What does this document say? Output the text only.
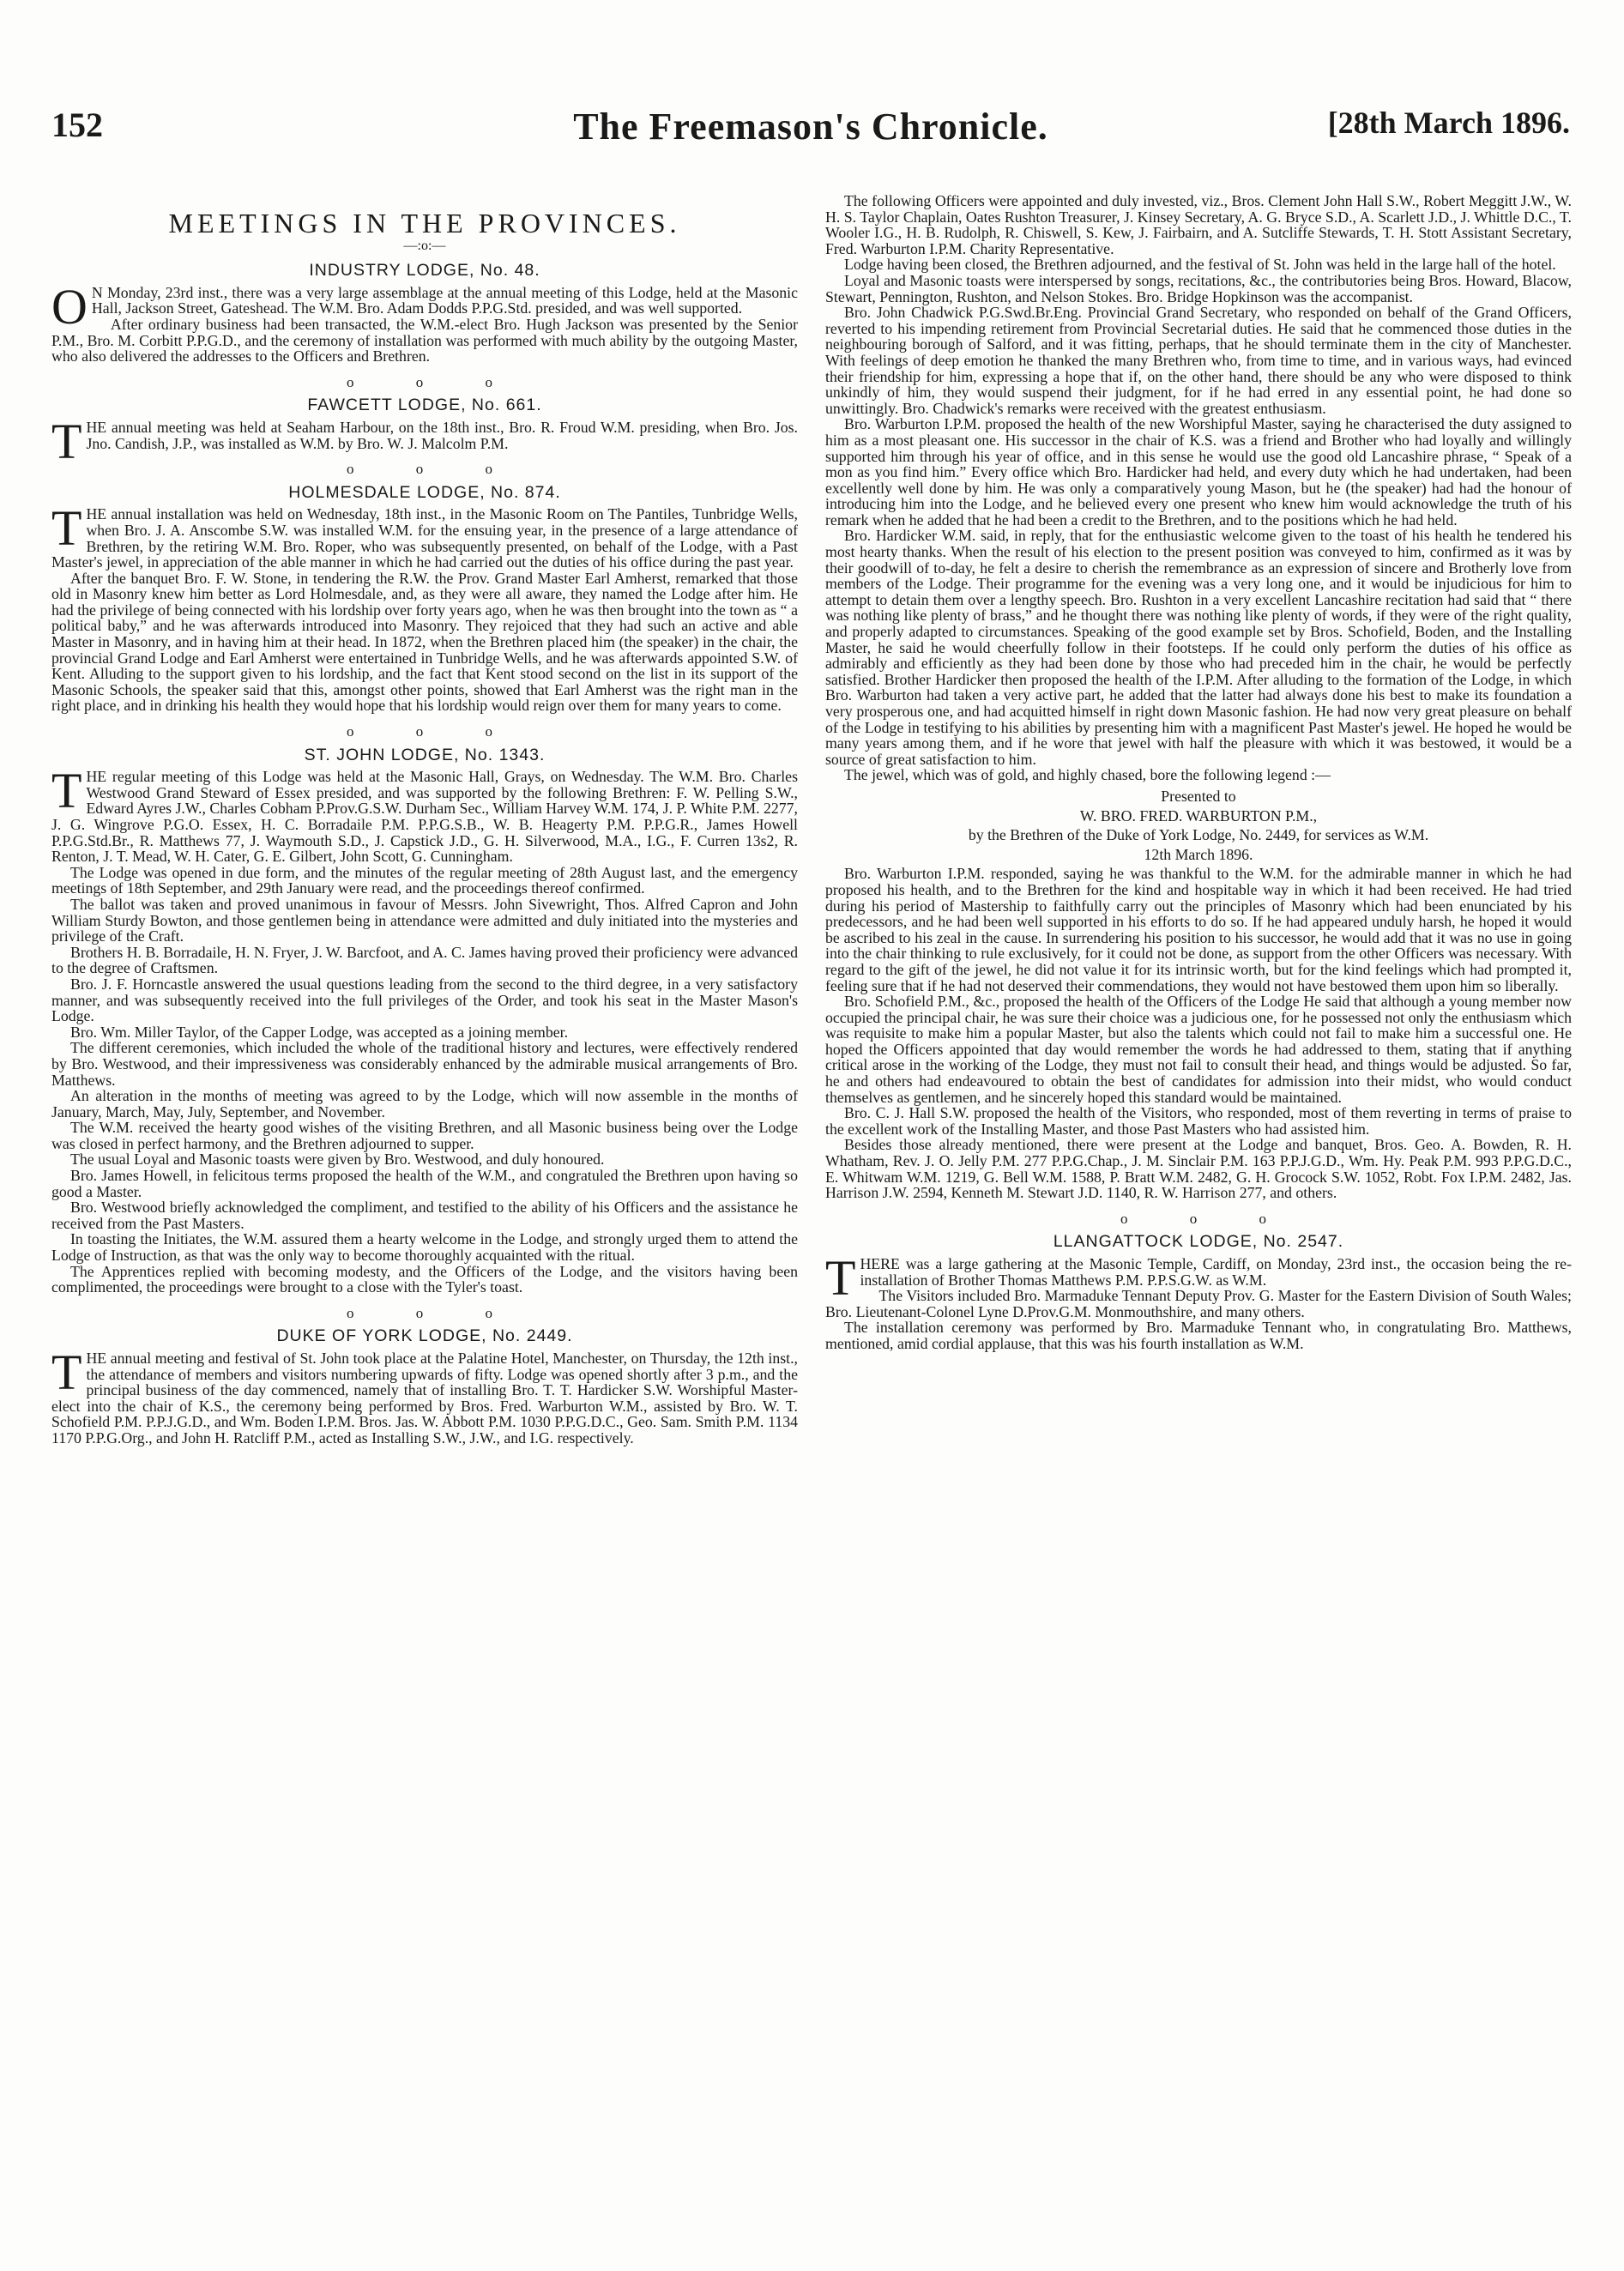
152	The Freemason's Chronicle.	[28th March 1896.
MEETINGS IN THE PROVINCES.
—:o:—
INDUSTRY LODGE, No. 48.

O N Monday, 23rd inst., there was a very large assemblage at the annual meeting of this Lodge, held at the Masonic Hall, Jackson Street, Gateshead. The W.M. Bro. Adam Dodds P.P.G.Std. presided, and was well supported.

After ordinary business had been transacted, the W.M.-elect Bro. Hugh Jackson was presented by the Senior P.M., Bro. M. Corbitt P.P.G.D., and the ceremony of installation was performed with much ability by the outgoing Master, who also delivered the addresses to the Officers and Brethren.

o o o
FAWCETT LODGE, No. 661.

THE annual meeting was held at Seaham Harbour, on the 18th inst., Bro. R. Froud W.M. presiding, when Bro. Jos. Jno. Candish, J.P., was installed as W.M. by Bro. W. J. Malcolm P.M.

o o o
HOLMESDALE LODGE, No. 874.

THE annual installation was held on Wednesday, 18th inst., in the Masonic Room on The Pantiles, Tunbridge Wells, when Bro. J. A. Anscombe S.W. was installed W.M. for the ensuing year, in the presence of a large attendance of Brethren, by the retiring W.M. Bro. Roper, who was subsequently presented, on behalf of the Lodge, with a Past Master's jewel, in appreciation of the able manner in which he had carried out the duties of his office during the past year.

After the banquet Bro. F. W. Stone, in tendering the R.W. the Prov. Grand Master Earl Amherst, remarked that those old in Masonry knew him better as Lord Holmesdale, and, as they were all aware, they named the Lodge after him. He had the privilege of being connected with his lordship over forty years ago, when he was then brought into the town as “ a political baby,” and he was afterwards introduced into Masonry. They rejoiced that they had such an active and able Master in Masonry, and in having him at their head. In 1872, when the Brethren placed him (the speaker) in the chair, the provincial Grand Lodge and Earl Amherst were entertained in Tunbridge Wells, and he was afterwards appointed S.W. of Kent. Alluding to the support given to his lordship, and the fact that Kent stood second on the list in its support of the Masonic Schools, the speaker said that this, amongst other points, showed that Earl Amherst was the right man in the right place, and in drinking his health they would hope that his lordship would reign over them for many years to come.

o o o
ST. JOHN LODGE, No. 1343.

THE regular meeting of this Lodge was held at the Masonic Hall, Grays, on Wednesday. The W.M. Bro. Charles Westwood Grand Steward of Essex presided, and was supported by the following Brethren: F. W. Pelling S.W., Edward Ayres J.W., Charles Cobham P.Prov.G.S.W. Durham Sec., William Harvey W.M. 174, J. P. White P.M. 2277, J. G. Wingrove P.G.O. Essex, H. C. Borradaile P.M. P.P.G.S.B., W. B. Heagerty P.M. P.P.G.R., James Howell P.P.G.Std.Br., R. Matthews 77, J. Waymouth S.D., J. Capstick J.D., G. H. Silverwood, M.A., I.G., F. Curren 13s2, R. Renton, J. T. Mead, W. H. Cater, G. E. Gilbert, John Scott, G. Cunningham.

The Lodge was opened in due form, and the minutes of the regular meeting of 28th August last, and the emergency meetings of 18th September, and 29th January were read, and the proceedings thereof confirmed.

The ballot was taken and proved unanimous in favour of Messrs. John Sivewright, Thos. Alfred Capron and John William Sturdy Bowton, and those gentlemen being in attendance were admitted and duly initiated into the mysteries and privilege of the Craft.

Brothers H. B. Borradaile, H. N. Fryer, J. W. Barcfoot, and A. C. James having proved their proficiency were advanced to the degree of Craftsmen.

Bro. J. F. Horncastle answered the usual questions leading from the second to the third degree, in a very satisfactory manner, and was subsequently received into the full privileges of the Order, and took his seat in the Master Mason's Lodge.

Bro. Wm. Miller Taylor, of the Capper Lodge, was accepted as a joining member.

The different ceremonies, which included the whole of the traditional history and lectures, were effectively rendered by Bro. Westwood, and their impressiveness was considerably enhanced by the admirable musical arrangements of Bro. Matthews.

An alteration in the months of meeting was agreed to by the Lodge, which will now assemble in the months of January, March, May, July, September, and November.

The W.M. received the hearty good wishes of the visiting Brethren, and all Masonic business being over the Lodge was closed in perfect harmony, and the Brethren adjourned to supper.

The usual Loyal and Masonic toasts were given by Bro. Westwood, and duly honoured.

Bro. James Howell, in felicitous terms proposed the health of the W.M., and congratuled the Brethren upon having so good a Master.

Bro. Westwood briefly acknowledged the compliment, and testified to the ability of his Officers and the assistance he received from the Past Masters.

In toasting the Initiates, the W.M. assured them a hearty welcome in the Lodge, and strongly urged them to attend the Lodge of Instruction, as that was the only way to become thoroughly acquainted with the ritual.

The Apprentices replied with becoming modesty, and the Officers of the Lodge, and the visitors having been complimented, the proceedings were brought to a close with the Tyler's toast.

o o o
DUKE OF YORK LODGE, No. 2449.

THE annual meeting and festival of St. John took place at the Palatine Hotel, Manchester, on Thursday, the 12th inst., the attendance of members and visitors numbering upwards of fifty. Lodge was opened shortly after 3 p.m., and the principal business of the day commenced, namely that of installing Bro. T. T. Hardicker S.W. Worshipful Master-elect into the chair of K.S., the ceremony being performed by Bros. Fred. Warburton W.M., assisted by Bro. W. T. Schofield P.M. P.P.J.G.D., and Wm. Boden I.P.M. Bros. Jas. W. Abbott P.M. 1030 P.P.G.D.C., Geo. Sam. Smith P.M. 1134 1170 P.P.G.Org., and John H. Ratcliff P.M., acted as Installing S.W., J.W., and I.G. respectively.

The following Officers were appointed and duly invested, viz., Bros. Clement John Hall S.W., Robert Meggitt J.W., W. H. S. Taylor Chaplain, Oates Rushton Treasurer, J. Kinsey Secretary, A. G. Bryce S.D., A. Scarlett J.D., J. Whittle D.C., T. Wooler I.G., H. B. Rudolph, R. Chiswell, S. Kew, J. Fairbairn, and A. Sutcliffe Stewards, T. H. Stott Assistant Secretary, Fred. Warburton I.P.M. Charity Representative.

Lodge having been closed, the Brethren adjourned, and the festival of St. John was held in the large hall of the hotel.

Loyal and Masonic toasts were interspersed by songs, recitations, &c., the contributories being Bros. Howard, Blacow, Stewart, Pennington, Rushton, and Nelson Stokes. Bro. Bridge Hopkinson was the accompanist.

Bro. John Chadwick P.G.Swd.Br.Eng. Provincial Grand Secretary, who responded on behalf of the Grand Officers, reverted to his impending retirement from Provincial Secretarial duties. He said that he commenced those duties in the neighbouring borough of Salford, and it was fitting, perhaps, that he should terminate them in the city of Manchester. With feelings of deep emotion he thanked the many Brethren who, from time to time, and in various ways, had evinced their friendship for him, expressing a hope that if, on the other hand, there should be any who were disposed to think unkindly of him, they would suspend their judgment, for if he had erred in any essential point, he had done so unwittingly. Bro. Chadwick's remarks were received with the greatest enthusiasm.

Bro. Warburton I.P.M. proposed the health of the new Worshipful Master, saying he characterised the duty assigned to him as a most pleasant one. His successor in the chair of K.S. was a friend and Brother who had loyally and willingly supported him through his year of office, and in this sense he would use the good old Lancashire phrase, “ Speak of a mon as you find him.” Every office which Bro. Hardicker had held, and every duty which he had undertaken, had been excellently well done by him. He was only a comparatively young Mason, but he (the speaker) had had the honour of introducing him into the Lodge, and he believed every one present who knew him would acknowledge the truth of his remark when he added that he had been a credit to the Brethren, and to the positions which he had held.

Bro. Hardicker W.M. said, in reply, that for the enthusiastic welcome given to the toast of his health he tendered his most hearty thanks. When the result of his election to the present position was conveyed to him, confirmed as it was by their goodwill of to-day, he felt a desire to cherish the remembrance as an expression of sincere and Brotherly love from members of the Lodge. Their programme for the evening was a very long one, and it would be injudicious for him to attempt to detain them over a lengthy speech. Bro. Rushton in a very excellent Lancashire recitation had said that “ there was nothing like plenty of brass,” and he thought there was nothing like plenty of words, if they were of the right quality, and properly adapted to circumstances. Speaking of the good example set by Bros. Schofield, Boden, and the Installing Master, he said he would cheerfully follow in their footsteps. If he could only perform the duties of his office as admirably and efficiently as they had been done by those who had preceded him in the chair, he would be perfectly satisfied. Brother Hardicker then proposed the health of the I.P.M. After alluding to the formation of the Lodge, in which Bro. Warburton had taken a very active part, he added that the latter had always done his best to make its foundation a very prosperous one, and had acquitted himself in right down Masonic fashion. He had now very great pleasure on behalf of the Lodge in testifying to his abilities by presenting him with a magnificent Past Master's jewel. He hoped he would be many years among them, and if he wore that jewel with half the pleasure with which it was bestowed, it would be a source of great satisfaction to him.

The jewel, which was of gold, and highly chased, bore the following legend :—

Presented to

W. BRO. FRED. WARBURTON P.M.,

by the Brethren of the Duke of York Lodge, No. 2449, for services as W.M.

12th March 1896.

Bro. Warburton I.P.M. responded, saying he was thankful to the W.M. for the admirable manner in which he had proposed his health, and to the Brethren for the kind and hospitable way in which it had been received. He had tried during his period of Mastership to faithfully carry out the principles of Masonry which had been enunciated by his predecessors, and he had been well supported in his efforts to do so. If he had appeared unduly harsh, he hoped it would be ascribed to his zeal in the cause. In surrendering his position to his successor, he would add that it was no use in going into the chair thinking to rule exclusively, for it could not be done, as support from the other Officers was necessary. With regard to the gift of the jewel, he did not value it for its intrinsic worth, but for the kind feelings which had prompted it, feeling sure that if he had not deserved their commendations, they would not have bestowed them upon him so liberally.

Bro. Schofield P.M., &c., proposed the health of the Officers of the Lodge He said that although a young member now occupied the principal chair, he was sure their choice was a judicious one, for he possessed not only the enthusiasm which was requisite to make him a popular Master, but also the talents which could not fail to make him a successful one. He hoped the Officers appointed that day would remember the words he had addressed to them, stating that if anything critical arose in the working of the Lodge, they must not fail to consult their head, and things would be adjusted. So far, he and others had endeavoured to obtain the best of candidates for admission into their midst, who would conduct themselves as gentlemen, and he sincerely hoped this standard would be maintained.

Bro. C. J. Hall S.W. proposed the health of the Visitors, who responded, most of them reverting in terms of praise to the excellent work of the Installing Master, and those Past Masters who had assisted him.

Besides those already mentioned, there were present at the Lodge and banquet, Bros. Geo. A. Bowden, R. H. Whatham, Rev. J. O. Jelly P.M. 277 P.P.G.Chap., J. M. Sinclair P.M. 163 P.P.J.G.D., Wm. Hy. Peak P.M. 993 P.P.G.D.C., E. Whitwam W.M. 1219, G. Bell W.M. 1588, P. Bratt W.M. 2482, G. H. Grocock S.W. 1052, Robt. Fox I.P.M. 2482, Jas. Harrison J.W. 2594, Kenneth M. Stewart J.D. 1140, R. W. Harrison 277, and others.

o o o
LLANGATTOCK LODGE, No. 2547.

THERE was a large gathering at the Masonic Temple, Cardiff, on Monday, 23rd inst., the occasion being the re-installation of Brother Thomas Matthews P.M. P.P.S.G.W. as W.M.

The Visitors included Bro. Marmaduke Tennant Deputy Prov. G. Master for the Eastern Division of South Wales; Bro. Lieutenant-Colonel Lyne D.Prov.G.M. Monmouthshire, and many others.

The installation ceremony was performed by Bro. Marmaduke Tennant who, in congratulating Bro. Matthews, mentioned, amid cordial applause, that this was his fourth installation as W.M.
